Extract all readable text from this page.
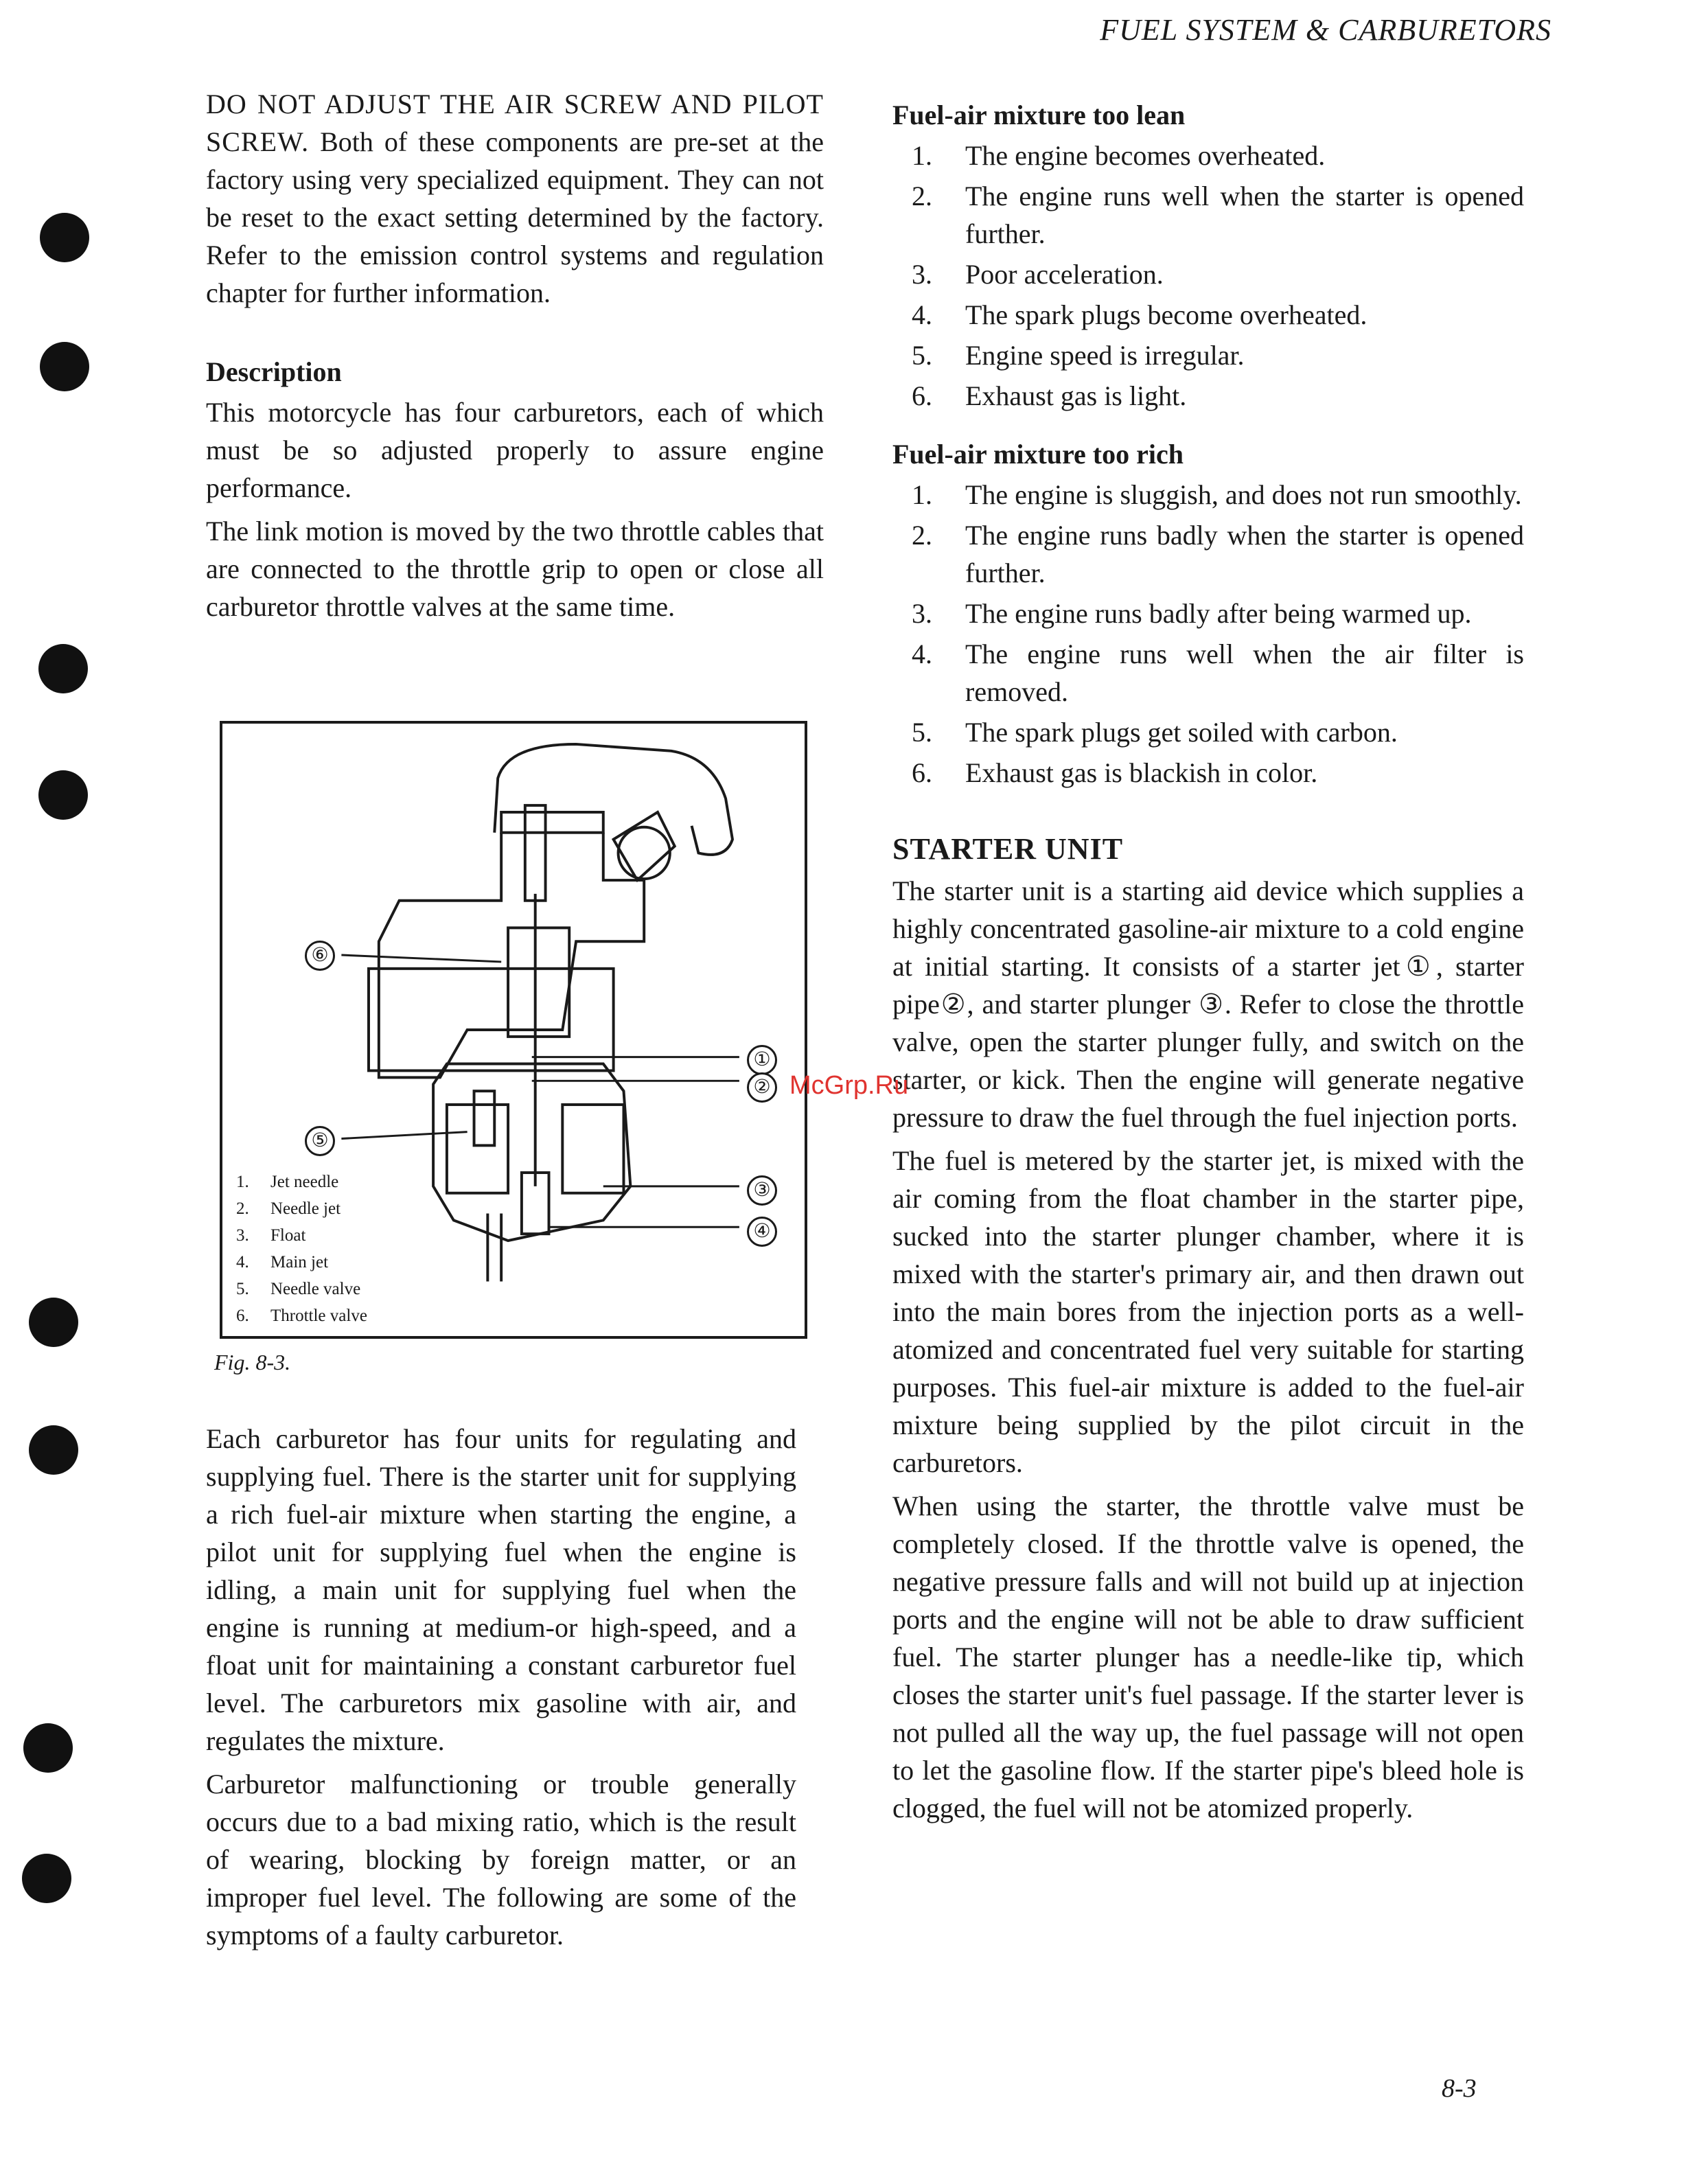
FUEL SYSTEM & CARBURETORS

DO NOT ADJUST THE AIR SCREW AND PILOT SCREW. Both of these components are pre-set at the factory using very specialized equipment. They can not be reset to the exact setting determined by the factory. Refer to the emission control systems and regulation chapter for further information.

Description

This motorcycle has four carburetors, each of which must be so adjusted properly to assure engine performance.

The link motion is moved by the two throttle cables that are connected to the throttle grip to open or close all carburetor throttle valves at the same time.

①
②
③
④
⑤
⑥
1.	Jet needle
2.	Needle jet
3.	Float
4.	Main jet
5.	Needle valve
6.	Throttle valve
Fig. 8-3.

Each carburetor has four units for regulating and supplying fuel. There is the starter unit for supplying a rich fuel-air mixture when starting the engine, a pilot unit for supplying fuel when the engine is idling, a main unit for supplying fuel when the engine is running at medium-or high-speed, and a float unit for maintaining a constant carburetor fuel level. The carburetors mix gasoline with air, and regulates the mixture.

Carburetor malfunctioning or trouble generally occurs due to a bad mixing ratio, which is the result of wearing, blocking by foreign matter, or an improper fuel level. The following are some of the symptoms of a faulty carburetor.

Fuel-air mixture too lean
1.	The engine becomes overheated.
2.	The engine runs well when the starter is opened further.
3.	Poor acceleration.
4.	The spark plugs become overheated.
5.	Engine speed is irregular.
6.	Exhaust gas is light.
Fuel-air mixture too rich
1.	The engine is sluggish, and does not run smoothly.
2.	The engine runs badly when the starter is opened further.
3.	The engine runs badly after being warmed up.
4.	The engine runs well when the air filter is removed.
5.	The spark plugs get soiled with carbon.
6.	Exhaust gas is blackish in color.
STARTER UNIT

The starter unit is a starting aid device which supplies a highly concentrated gasoline-air mixture to a cold engine at initial starting. It consists of a starter jet①, starter pipe②, and starter plunger ③. Refer to close the throttle valve, open the starter plunger fully, and switch on the starter, or kick. Then the engine will generate negative pressure to draw the fuel through the fuel injection ports.

The fuel is metered by the starter jet, is mixed with the air coming from the float chamber in the starter pipe, sucked into the starter plunger chamber, where it is mixed with the starter's primary air, and then drawn out into the main bores from the injection ports as a well-atomized and concentrated fuel very suitable for starting purposes. This fuel-air mixture is added to the fuel-air mixture being supplied by the pilot circuit in the carburetors.

When using the starter, the throttle valve must be completely closed. If the throttle valve is opened, the negative pressure falls and will not build up at injection ports and the engine will not be able to draw sufficient fuel. The starter plunger has a needle-like tip, which closes the starter unit's fuel passage. If the starter lever is not pulled all the way up, the fuel passage will not open to let the gasoline flow. If the starter pipe's bleed hole is clogged, the fuel will not be atomized properly.

McGrp.Ru
8-3
